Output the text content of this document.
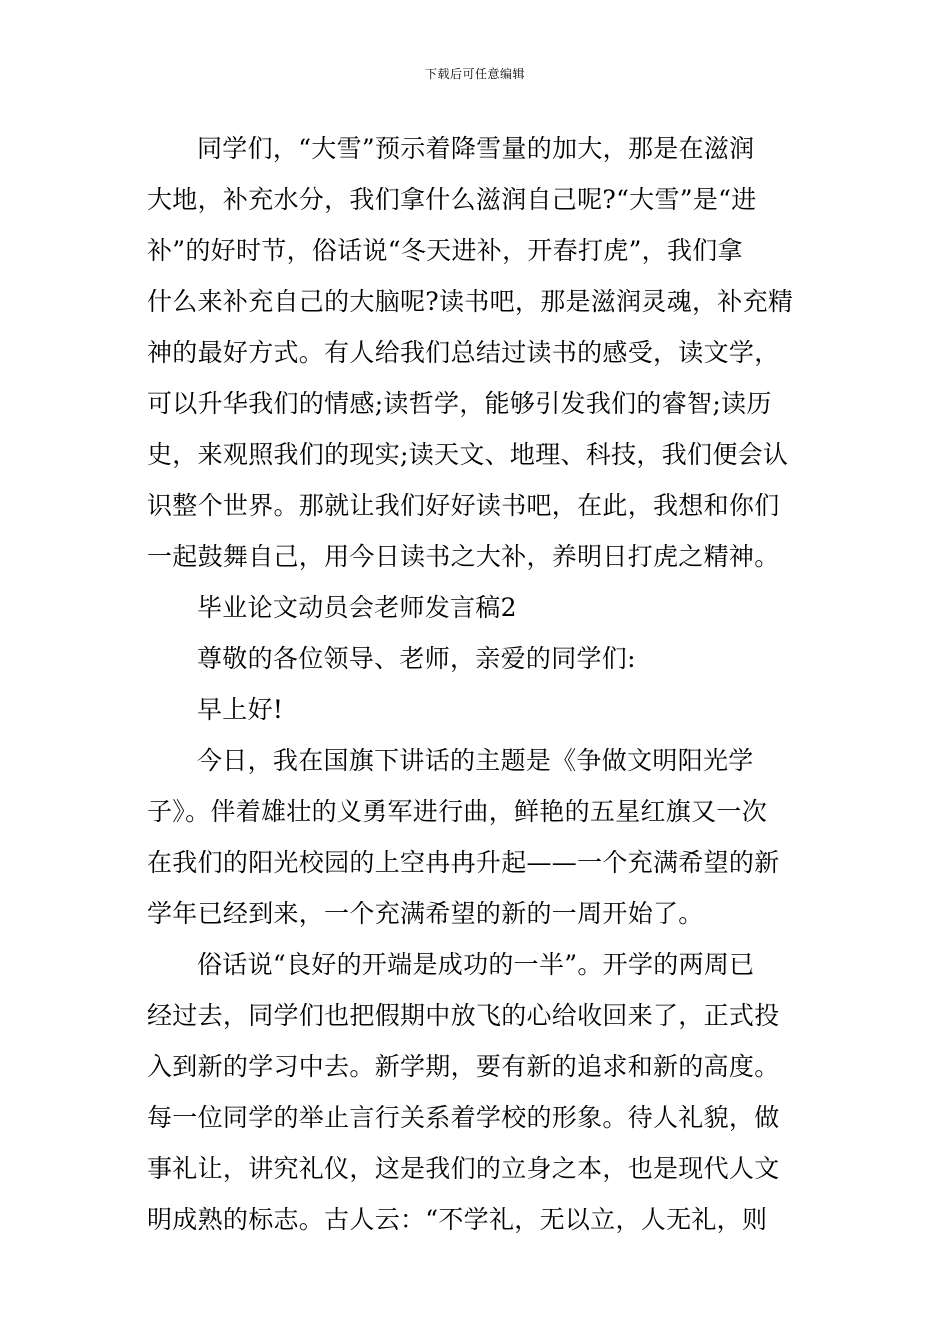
下载后可任意编辑
同学们，“大雪”预示着降雪量的加大，那是在滋润
大地，补充水分，我们拿什么滋润自己呢?“大雪”是“进
补”的好时节，俗话说“冬天进补，开春打虎”，我们拿
什么来补充自己的大脑呢?读书吧，那是滋润灵魂，补充精
神的最好方式。有人给我们总结过读书的感受，读文学，
可以升华我们的情感;读哲学，能够引发我们的睿智;读历
史，来观照我们的现实;读天文、地理、科技，我们便会认
识整个世界。那就让我们好好读书吧，在此，我想和你们
一起鼓舞自己，用今日读书之大补，养明日打虎之精神。
毕业论文动员会老师发言稿2
尊敬的各位领导、老师，亲爱的同学们:
早上好!
今日，我在国旗下讲话的主题是《争做文明阳光学
子》。伴着雄壮的义勇军进行曲，鲜艳的五星红旗又一次
在我们的阳光校园的上空冉冉升起——一个充满希望的新
学年已经到来，一个充满希望的新的一周开始了。
俗话说“良好的开端是成功的一半”。开学的两周已
经过去，同学们也把假期中放飞的心给收回来了，正式投
入到新的学习中去。新学期，要有新的追求和新的高度。
每一位同学的举止言行关系着学校的形象。待人礼貌，做
事礼让，讲究礼仪，这是我们的立身之本，也是现代人文
明成熟的标志。古人云：“不学礼，无以立，人无礼，则
